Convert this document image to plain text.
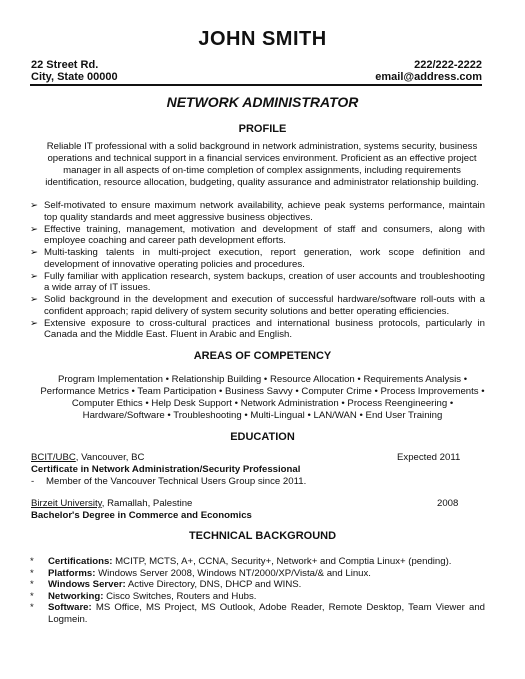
JOHN SMITH
22 Street Rd.
City, State 00000
222/222-2222
email@address.com
NETWORK ADMINISTRATOR
PROFILE
Reliable IT professional with a solid background in network administration, systems security, business operations and technical support in a financial services environment. Proficient as an effective project manager in all aspects of on-time completion of complex assignments, including requirements identification, resource allocation, budgeting, quality assurance and administrator relationship building.
➢ Self-motivated to ensure maximum network availability, achieve peak systems performance, maintain top quality standards and meet aggressive business objectives.
➢ Effective training, management, motivation and development of staff and consumers, along with employee coaching and career path development efforts.
➢ Multi-tasking talents in multi-project execution, report generation, work scope definition and development of innovative operating policies and procedures.
➢ Fully familiar with application research, system backups, creation of user accounts and troubleshooting a wide array of IT issues.
➢ Solid background in the development and execution of successful hardware/software roll-outs with a confident approach; rapid delivery of system security solutions and better operating efficiencies.
➢ Extensive exposure to cross-cultural practices and international business protocols, particularly in Canada and the Middle East. Fluent in Arabic and English.
AREAS OF COMPETENCY
Program Implementation • Relationship Building • Resource Allocation • Requirements Analysis •
Performance Metrics • Team Participation • Business Savvy • Computer Crime • Process Improvements •
Computer Ethics • Help Desk Support • Network Administration • Process Reengineering •
Hardware/Software • Troubleshooting • Multi-Lingual • LAN/WAN • End User Training
EDUCATION
BCIT/UBC, Vancouver, BC	Expected 2011
Certificate in Network Administration/Security Professional
- Member of the Vancouver Technical Users Group since 2011.
Birzeit University, Ramallah, Palestine	2008
Bachelor's Degree in Commerce and Economics
TECHNICAL BACKGROUND
* Certifications: MCITP, MCTS, A+, CCNA, Security+, Network+ and Comptia Linux+ (pending).
* Platforms: Windows Server 2008, Windows NT/2000/XP/Vista/& and Linux.
* Windows Server: Active Directory, DNS, DHCP and WINS.
* Networking: Cisco Switches, Routers and Hubs.
* Software: MS Office, MS Project, MS Outlook, Adobe Reader, Remote Desktop, Team Viewer and Logmein.
